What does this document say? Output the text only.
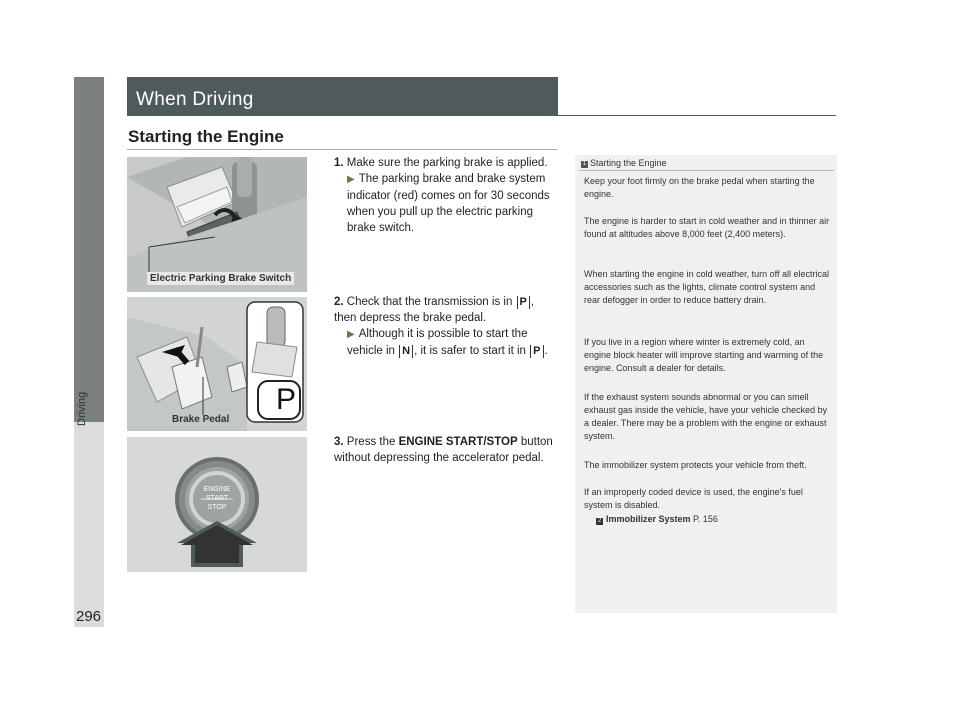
Driving
296
When Driving
Starting the Engine
Electric Parking Brake Switch
P
Brake Pedal
ENGINE
START
STOP
1. Make sure the parking brake is applied.
▶ The parking brake and brake system indicator (red) comes on for 30 seconds when you pull up the electric parking brake switch.
2. Check that the transmission is in P , then depress the brake pedal.
▶ Although it is possible to start the vehicle in N , it is safer to start it in P .
3. Press the ENGINE START/STOP button without depressing the accelerator pedal.
1 Starting the Engine
Keep your foot firmly on the brake pedal when starting the engine.
The engine is harder to start in cold weather and in thinner air found at altitudes above 8,000 feet (2,400 meters).
When starting the engine in cold weather, turn off all electrical accessories such as the lights, climate control system and rear defogger in order to reduce battery drain.
If you live in a region where winter is extremely cold, an engine block heater will improve starting and warming of the engine. Consult a dealer for details.
If the exhaust system sounds abnormal or you can smell exhaust gas inside the vehicle, have your vehicle checked by a dealer. There may be a problem with the engine or exhaust system.
The immobilizer system protects your vehicle from theft.
If an improperly coded device is used, the engine's fuel system is disabled.
2 Immobilizer System P. 156
